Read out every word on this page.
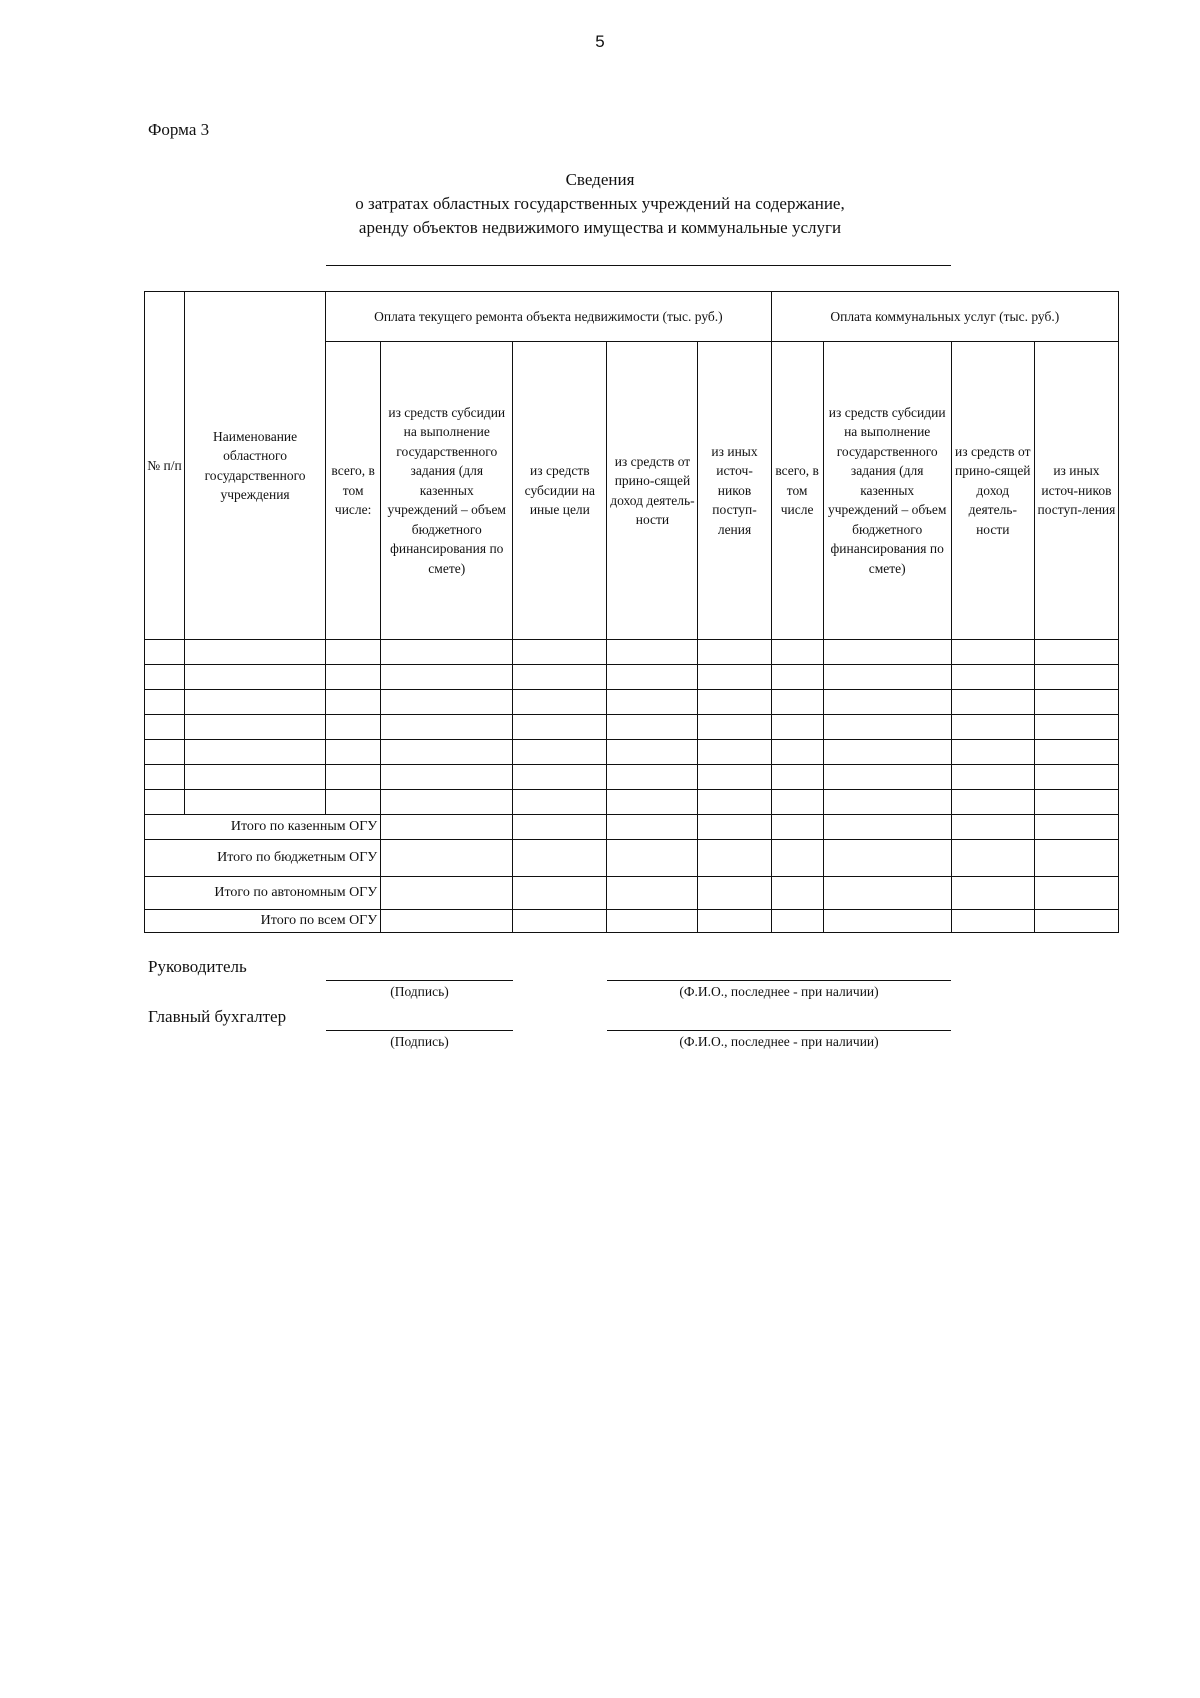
5
Форма 3
Сведения
о затратах областных государственных учреждений на содержание,
аренду объектов недвижимого имущества и коммунальные услуги
№ п/п	Наименование областного государственного учреждения	Оплата текущего ремонта объекта недвижимости (тыс. руб.)					Оплата коммунальных услуг (тыс. руб.)			
		всего, в том числе:	из средств субсидии на выполнение государственного задания (для казенных учреждений – объем бюджетного финансирования по смете)	из средств субсидии на иные цели	из средств от прино-сящей доход деятель-ности	из иных источ-ников поступ-ления	всего, в том числе	из средств субсидии на выполнение государственного задания (для казенных учреждений – объем бюджетного финансирования по смете)	из средств от прино-сящей доход деятель-ности	из иных источ-ников поступ-ления

Итого по казенным ОГУ										
Итого по бюджетным ОГУ										
Итого по автономным ОГУ										
Итого по всем ОГУ										
Руководитель
(Подпись)	(Ф.И.О., последнее - при наличии)
Главный бухгалтер
(Подпись)	(Ф.И.О., последнее - при наличии)
